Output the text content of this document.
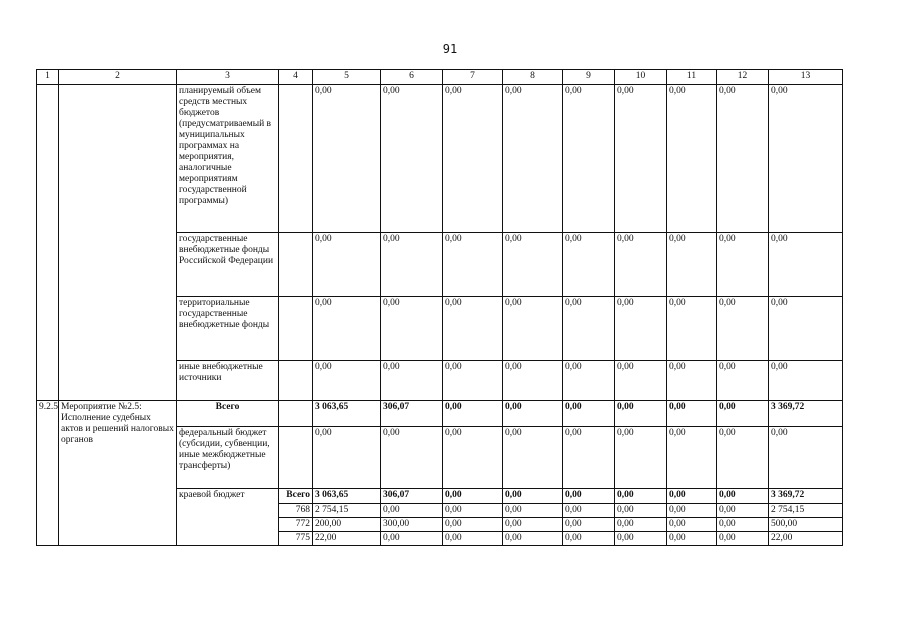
91
1	2	3	4	5	6	7	8	9	10	11	12	13
		планируемый объем средств местных бюджетов (предусматриваемый в муниципальных программах на мероприятия, аналогичные мероприятиям государственной программы)		0,00	0,00	0,00	0,00	0,00	0,00	0,00	0,00	0,00
		государственные внебюджетные фонды Российской Федерации		0,00	0,00	0,00	0,00	0,00	0,00	0,00	0,00	0,00
		территориальные государственные внебюджетные фонды		0,00	0,00	0,00	0,00	0,00	0,00	0,00	0,00	0,00
		иные внебюджетные источники		0,00	0,00	0,00	0,00	0,00	0,00	0,00	0,00	0,00
9.2.5	Мероприятие №2.5: Исполнение судебных актов и решений налоговых органов	Всего		3 063,65	306,07	0,00	0,00	0,00	0,00	0,00	0,00	3 369,72
		федеральный бюджет (субсидии, субвенции, иные межбюджетные трансферты)		0,00	0,00	0,00	0,00	0,00	0,00	0,00	0,00	0,00
		краевой бюджет	Всего	3 063,65	306,07	0,00	0,00	0,00	0,00	0,00	0,00	3 369,72
			768	2 754,15	0,00	0,00	0,00	0,00	0,00	0,00	0,00	2 754,15
			772	200,00	300,00	0,00	0,00	0,00	0,00	0,00	0,00	500,00
			775	22,00	0,00	0,00	0,00	0,00	0,00	0,00	0,00	22,00
